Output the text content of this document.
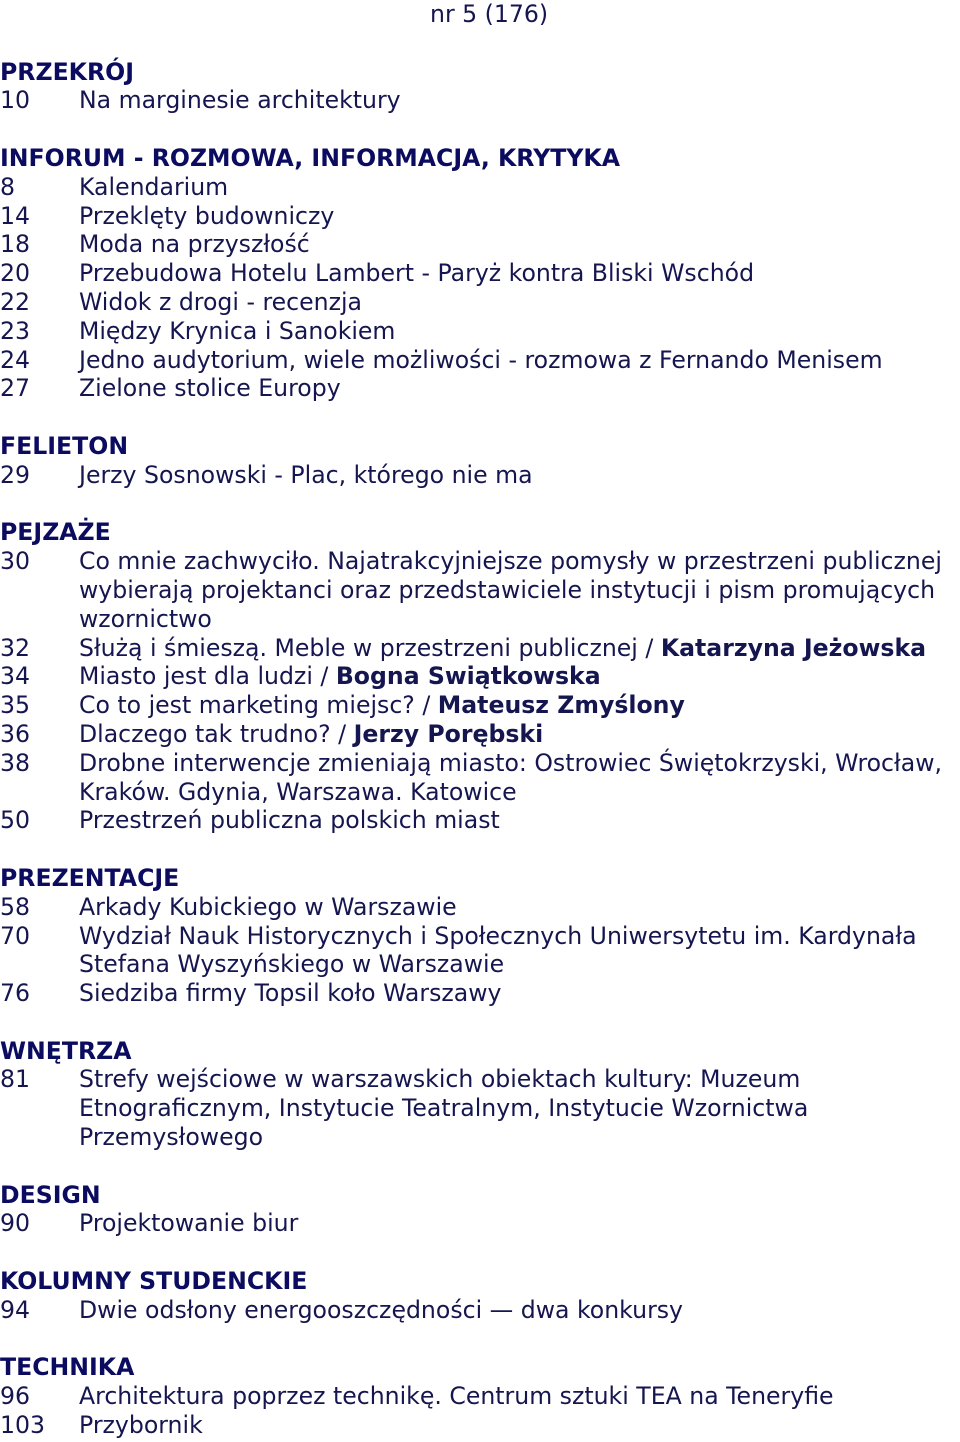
nr 5 (176)
PRZEKRÓJ
10	Na marginesie architektury
INFORUM - ROZMOWA, INFORMACJA, KRYTYKA
8	Kalendarium
14	Przeklęty budowniczy
18	Moda na przyszłość
20	Przebudowa Hotelu Lambert - Paryż kontra Bliski Wschód
22	Widok z drogi - recenzja
23	Między Krynica i Sanokiem
24	Jedno audytorium, wiele możliwości - rozmowa z Fernando Menisem
27	Zielone stolice Europy
FELIETON
29	Jerzy Sosnowski - Plac, którego nie ma
PEJZAŻE
30	Co mnie zachwyciło. Najatrakcyjniejsze pomysły w przestrzeni publicznej
wybierają projektanci oraz przedstawiciele instytucji i pism promujących
wzornictwo
32	Służą i śmieszą. Meble w przestrzeni publicznej / Katarzyna Jeżowska
34	Miasto jest dla ludzi / Bogna Swiątkowska
35	Co to jest marketing miejsc? / Mateusz Zmyślony
36	Dlaczego tak trudno? / Jerzy Porębski
38	Drobne interwencje zmieniają miasto: Ostrowiec Świętokrzyski, Wrocław,
Kraków. Gdynia, Warszawa. Katowice
50	Przestrzeń publiczna polskich miast
PREZENTACJE
58	Arkady Kubickiego w Warszawie
70	Wydział Nauk Historycznych i Społecznych Uniwersytetu im. Kardynała
Stefana Wyszyńskiego w Warszawie
76	Siedziba firmy Topsil koło Warszawy
WNĘTRZA
81	Strefy wejściowe w warszawskich obiektach kultury: Muzeum
Etnograficznym, Instytucie Teatralnym, Instytucie Wzornictwa
Przemysłowego
DESIGN
90	Projektowanie biur
KOLUMNY STUDENCKIE
94	Dwie odsłony energooszczędności — dwa konkursy
TECHNIKA
96	Architektura poprzez technikę. Centrum sztuki TEA na Teneryfie
103	Przybornik
